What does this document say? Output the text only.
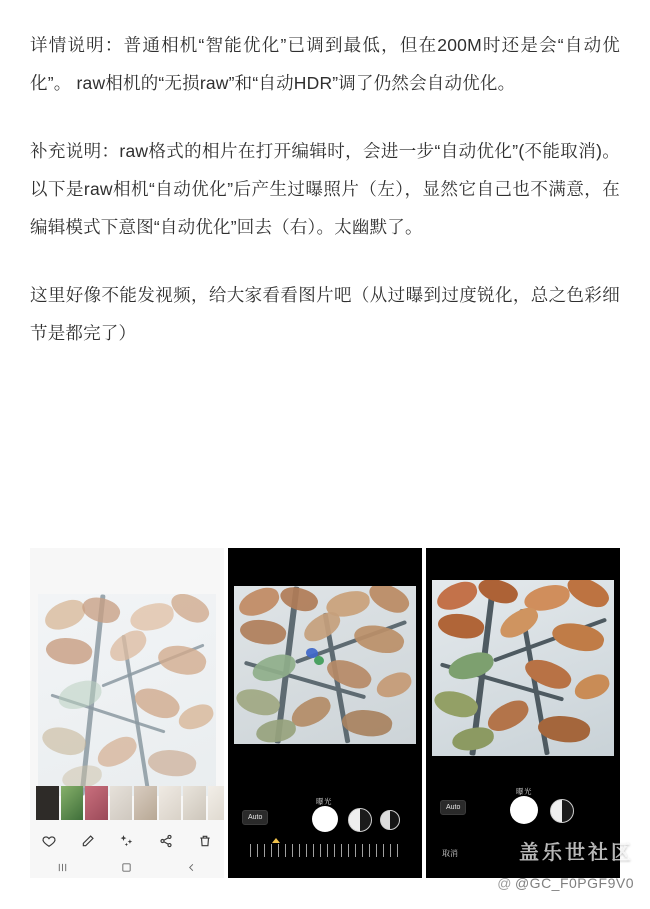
详情说明：普通相机“智能优化”已调到最低，但在200M时还是会“自动优化”。 raw相机的“无损raw”和“自动HDR”调了仍然会自动优化。

补充说明：raw格式的相片在打开编辑时，会进一步“自动优化”(不能取消)。以下是raw相机“自动优化”后产生过曝照片（左），显然它自己也不满意，在编辑模式下意图“自动优化”回去（右）。太幽默了。

这里好像不能发视频，给大家看看图片吧（从过曝到过度锐化，总之色彩细节是都完了）

曝光
Auto
曝光
Auto
取消	盖乐世社区
@ @GC_F0PGF9V0
